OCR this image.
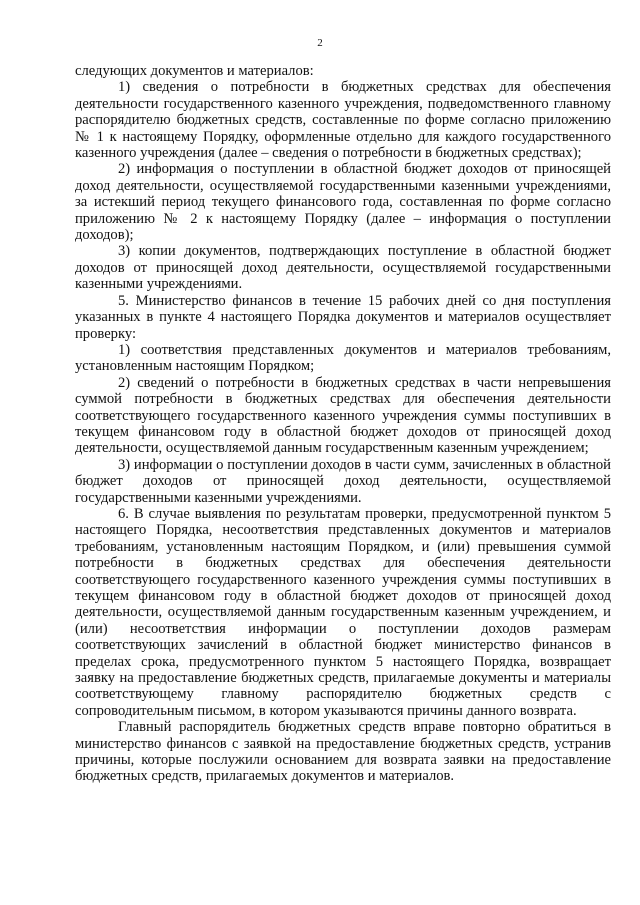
2

следующих документов и материалов:

1) сведения о потребности в бюджетных средствах для обеспечения деятельности государственного казенного учреждения, подведомственного главному распорядителю бюджетных средств, составленные по форме согласно приложению № 1 к настоящему Порядку, оформленные отдельно для каждого государственного казенного учреждения (далее – сведения о потребности в бюджетных средствах);

2) информация о поступлении в областной бюджет доходов от приносящей доход деятельности, осуществляемой государственными казенными учреждениями, за истекший период текущего финансового года, составленная по форме согласно приложению № 2 к настоящему Порядку (далее – информация о поступлении доходов);

3) копии документов, подтверждающих поступление в областной бюджет доходов от приносящей доход деятельности, осуществляемой государственными казенными учреждениями.

5. Министерство финансов в течение 15 рабочих дней со дня поступления указанных в пункте 4 настоящего Порядка документов и материалов осуществляет проверку:

1) соответствия представленных документов и материалов требованиям, установленным настоящим Порядком;

2) сведений о потребности в бюджетных средствах в части непревышения суммой потребности в бюджетных средствах для обеспечения деятельности соответствующего государственного казенного учреждения суммы поступивших в текущем финансовом году в областной бюджет доходов от приносящей доход деятельности, осуществляемой данным государственным казенным учреждением;

3) информации о поступлении доходов в части сумм, зачисленных в областной бюджет доходов от приносящей доход деятельности, осуществляемой государственными казенными учреждениями.

6. В случае выявления по результатам проверки, предусмотренной пунктом 5 настоящего Порядка, несоответствия представленных документов и материалов требованиям, установленным настоящим Порядком, и (или) превышения суммой потребности в бюджетных средствах для обеспечения деятельности соответствующего государственного казенного учреждения суммы поступивших в текущем финансовом году в областной бюджет доходов от приносящей доход деятельности, осуществляемой данным государственным казенным учреждением, и (или) несоответствия информации о поступлении доходов размерам соответствующих зачислений в областной бюджет министерство финансов в пределах срока, предусмотренного пунктом 5 настоящего Порядка, возвращает заявку на предоставление бюджетных средств, прилагаемые документы и материалы соответствующему главному распорядителю бюджетных средств с сопроводительным письмом, в котором указываются причины данного возврата.

Главный распорядитель бюджетных средств вправе повторно обратиться в министерство финансов с заявкой на предоставление бюджетных средств, устранив причины, которые послужили основанием для возврата заявки на предоставление бюджетных средств, прилагаемых документов и материалов.
